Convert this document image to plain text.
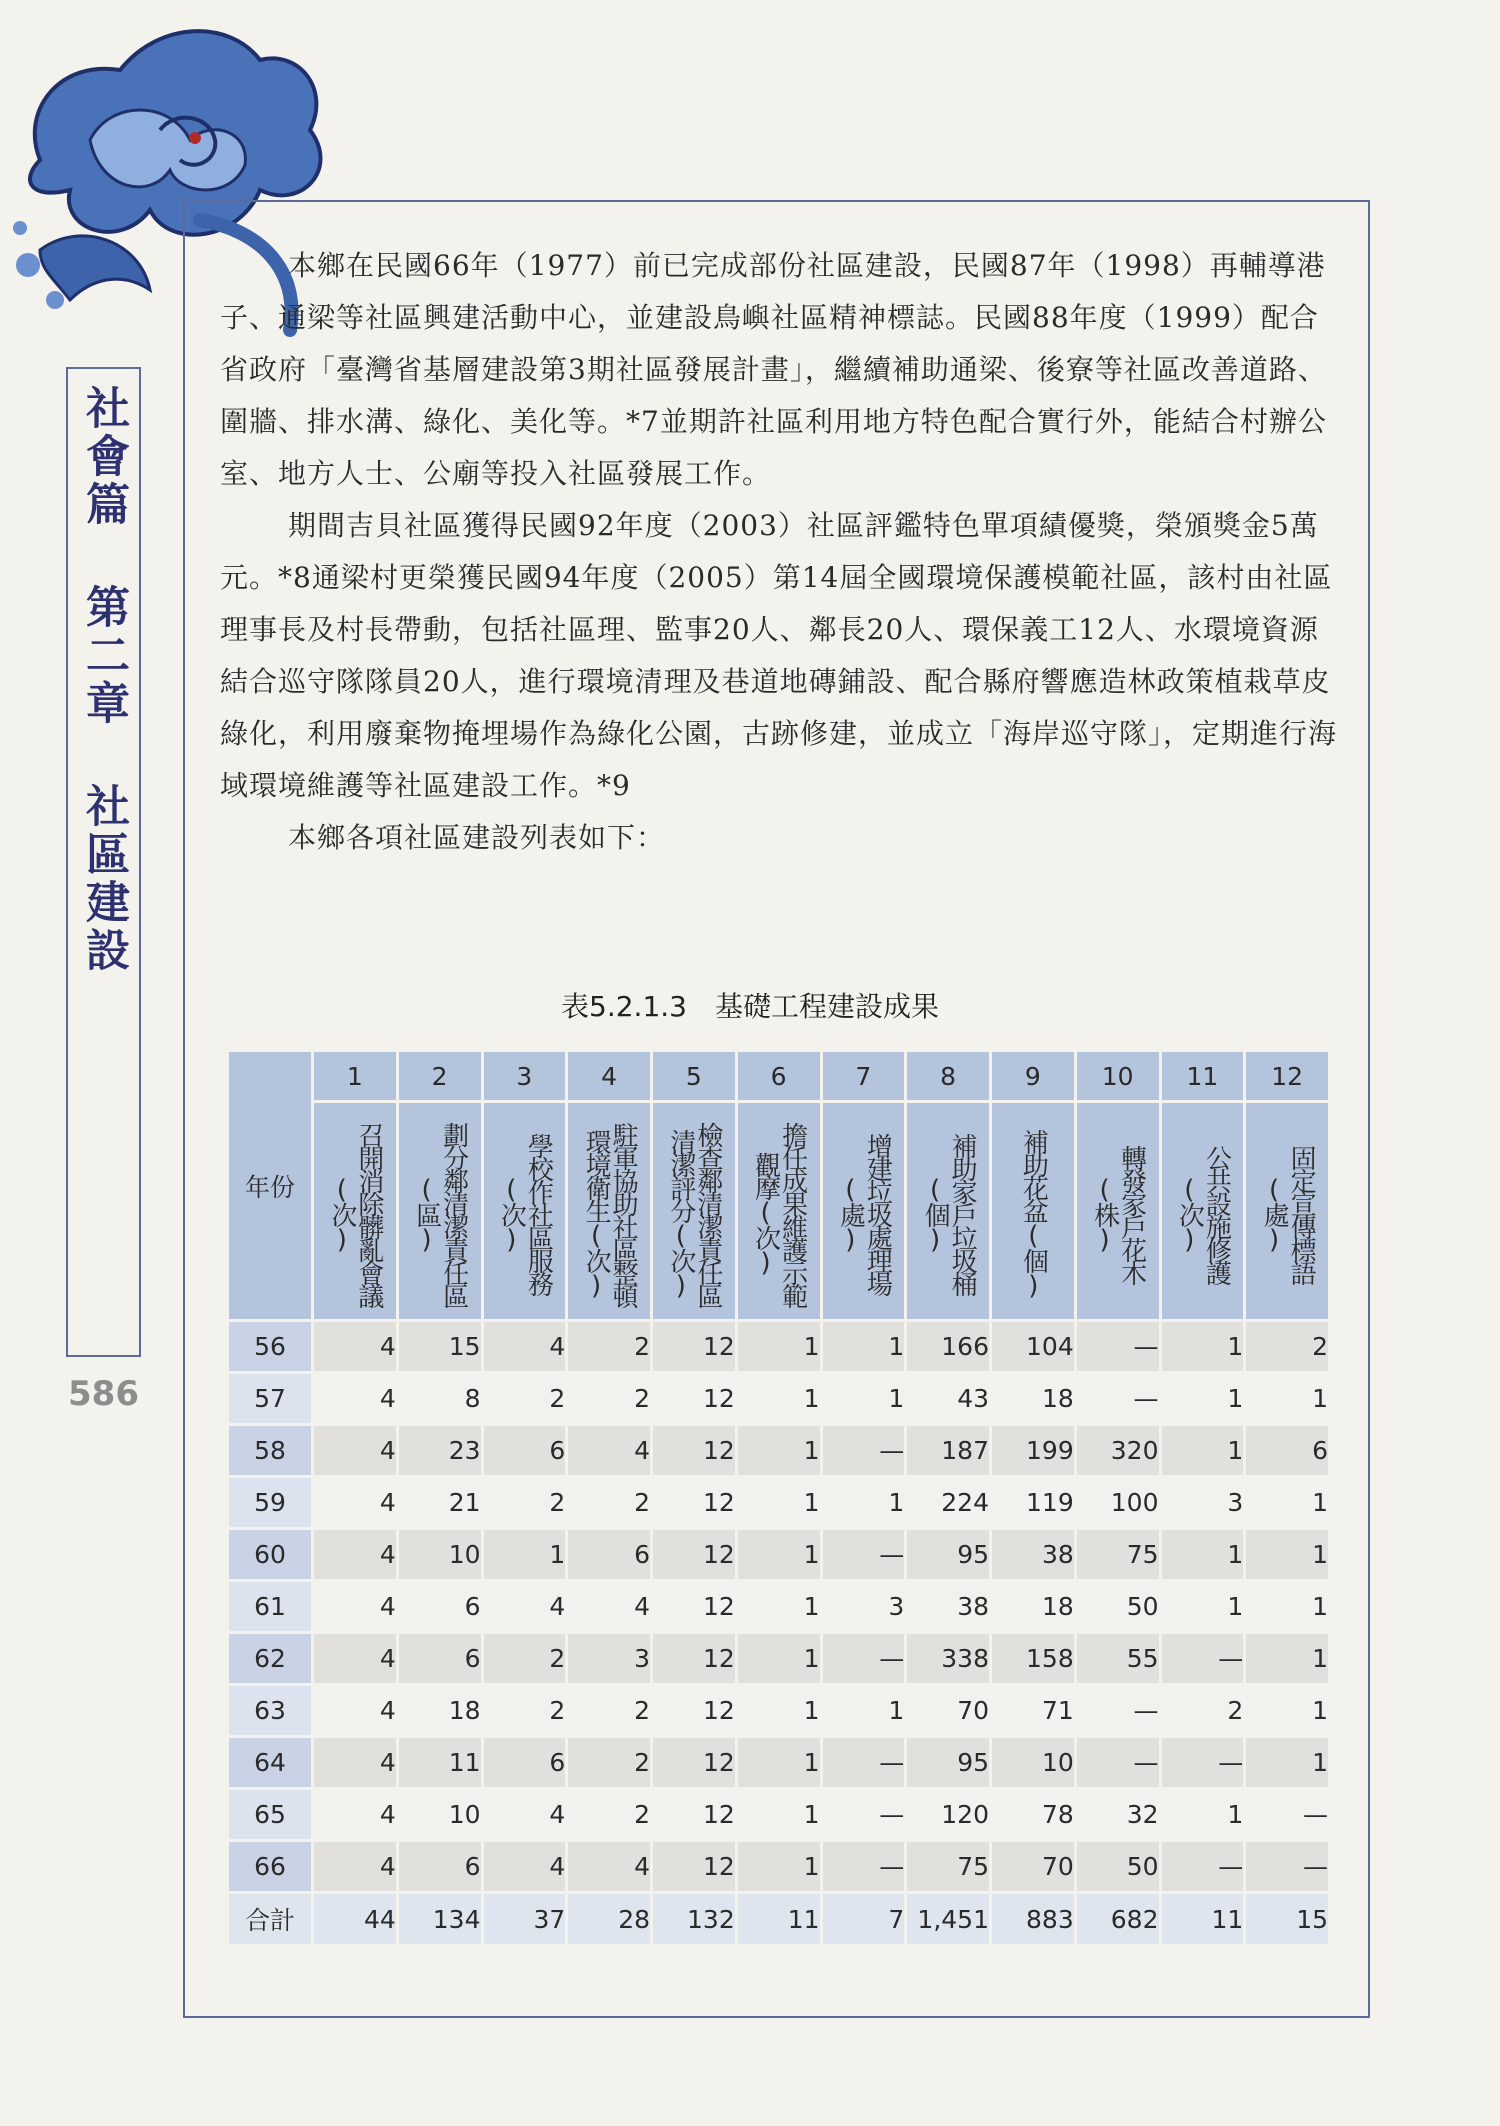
社會篇 第二章 社區建設
586

本鄉在民國66年（1977）前已完成部份社區建設，民國87年（1998）再輔導港子、通梁等社區興建活動中心，並建設鳥嶼社區精神標誌。民國88年度（1999）配合省政府「臺灣省基層建設第3期社區發展計畫」，繼續補助通梁、後寮等社區改善道路、圍牆、排水溝、綠化、美化等。*7並期許社區利用地方特色配合實行外，能結合村辦公室、地方人士、公廟等投入社區發展工作。

期間吉貝社區獲得民國92年度（2003）社區評鑑特色單項績優獎，榮頒獎金5萬元。*8通梁村更榮獲民國94年度（2005）第14屆全國環境保護模範社區，該村由社區理事長及村長帶動，包括社區理、監事20人、鄰長20人、環保義工12人、水環境資源結合巡守隊隊員20人，進行環境清理及巷道地磚鋪設、配合縣府響應造林政策植栽草皮綠化，利用廢棄物掩埋場作為綠化公園，古跡修建，並成立「海岸巡守隊」，定期進行海域環境維護等社區建設工作。*9

本鄉各項社區建設列表如下：

表5.2.1.3　基礎工程建設成果
年份	1	2	3	4	5	6	7	8	9	10	11	12

	召開消除髒亂會議(次)	劃分鄰清潔責任區(區)	學校作社區服務(次)	駐軍協助社區整頓環境衛生(次)	檢查鄰清潔責任區清潔評分(次)	擔任成果維護示範觀摩(次)	增建垃圾處理場(處)	補助家戶垃圾桶(個)	補助花盆(個)	轉發家戶花木(株)	公共設施修護(次)	固定宣傳標語(處)

56	4	15	4	2	12	1	1	166	104	—	1	2
57	4	8	2	2	12	1	1	43	18	—	1	1
58	4	23	6	4	12	1	—	187	199	320	1	6
59	4	21	2	2	12	1	1	224	119	100	3	1
60	4	10	1	6	12	1	—	95	38	75	1	1
61	4	6	4	4	12	1	3	38	18	50	1	1
62	4	6	2	3	12	1	—	338	158	55	—	1
63	4	18	2	2	12	1	1	70	71	—	2	1
64	4	11	6	2	12	1	—	95	10	—	—	1
65	4	10	4	2	12	1	—	120	78	32	1	—
66	4	6	4	4	12	1	—	75	70	50	—	—
合計	44	134	37	28	132	11	7	1,451	883	682	11	15
